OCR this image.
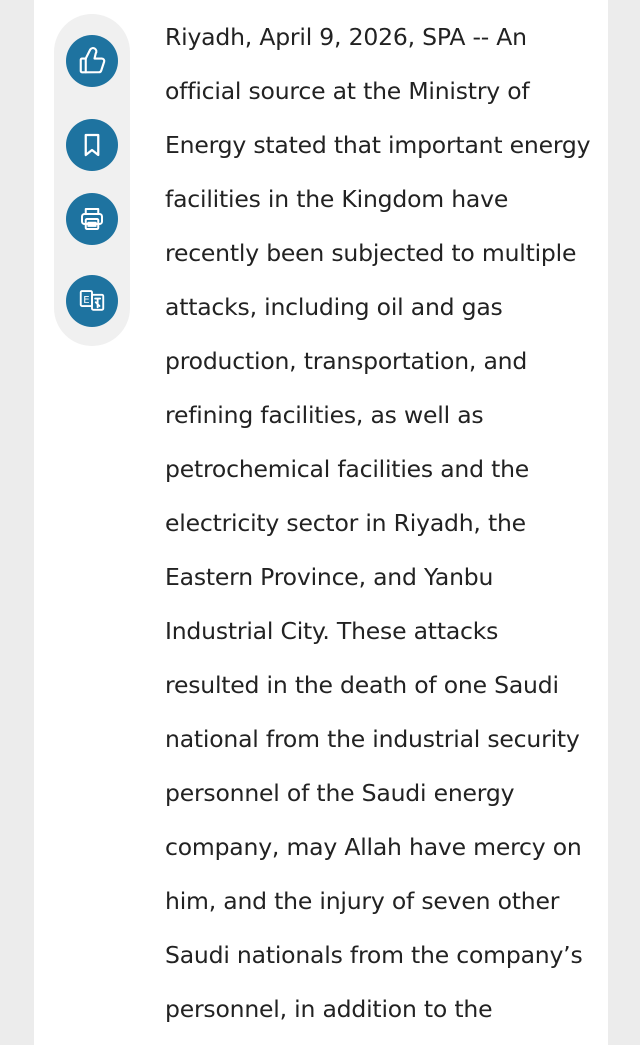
E
Riyadh, April 9, 2026, SPA -- An
official source at the Ministry of
Energy stated that important energy
facilities in the Kingdom have
recently been subjected to multiple
attacks, including oil and gas
production, transportation, and
refining facilities, as well as
petrochemical facilities and the
electricity sector in Riyadh, the
Eastern Province, and Yanbu
Industrial City. These attacks
resulted in the death of one Saudi
national from the industrial security
personnel of the Saudi energy
company, may Allah have mercy on
him, and the injury of seven other
Saudi nationals from the company’s
personnel, in addition to the
